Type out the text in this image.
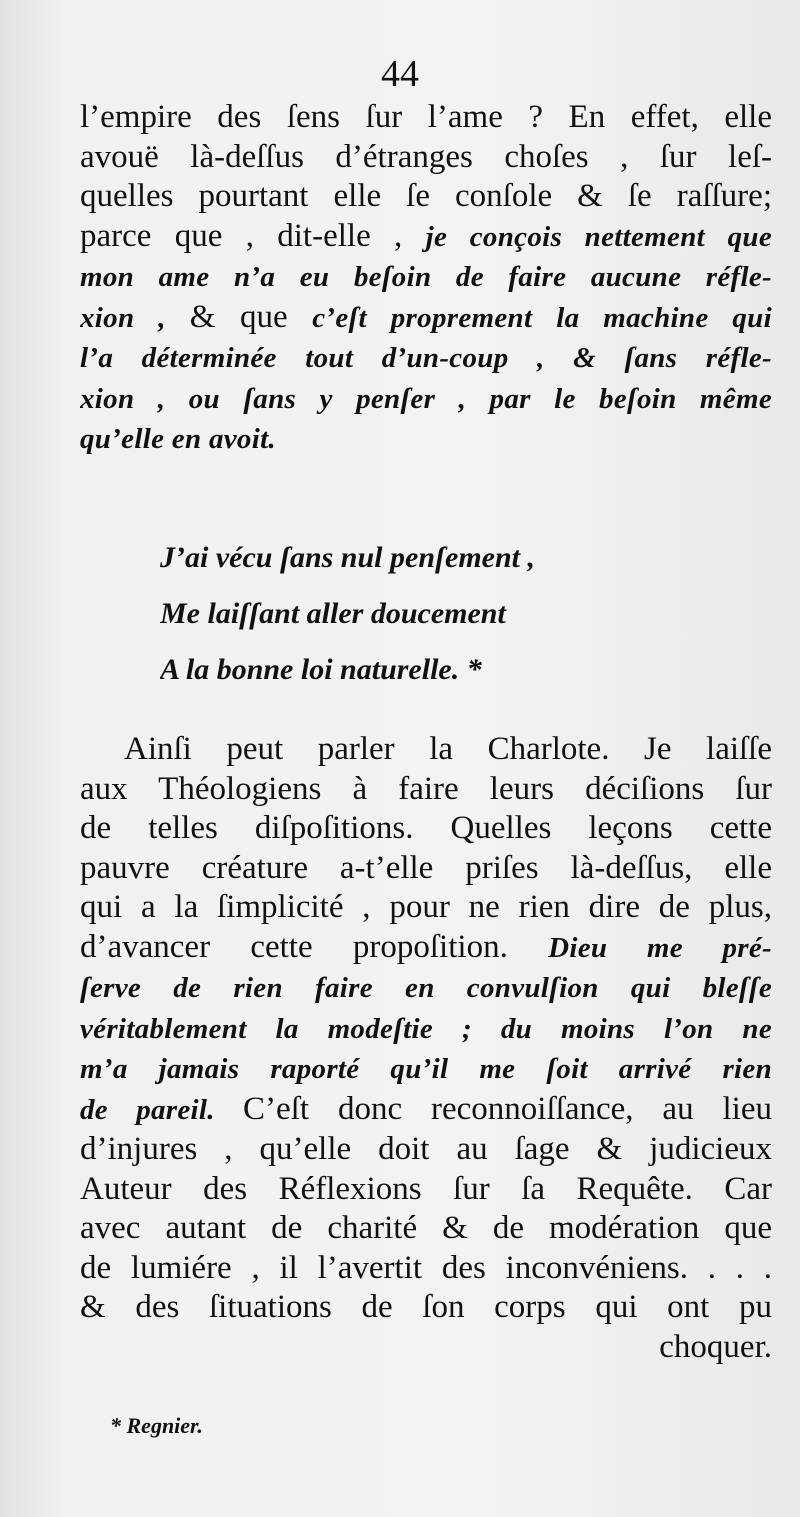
44
l’empire des ſens ſur l’ame ? En effet, elle
avouë là-deſſus d’étranges choſes , ſur leſ-
quelles pourtant elle ſe conſole & ſe raſſure;
parce que , dit-elle , je conçois nettement que
mon ame n’a eu beſoin de faire aucune réfle-
xion , & que c’eſt proprement la machine qui
l’a déterminée tout d’un-coup , & ſans réfle-
xion , ou ſans y penſer , par le beſoin même
qu’elle en avoit.
J’ai vécu ſans nul penſement ,
Me laiſſant aller doucement
A la bonne loi naturelle. *
Ainſi peut parler la Charlote. Je laiſſe
aux Théologiens à faire leurs déciſions ſur
de telles diſpoſitions. Quelles leçons cette
pauvre créature a-t’elle priſes là-deſſus, elle
qui a la ſimplicité , pour ne rien dire de plus,
d’avancer cette propoſition. Dieu me pré-
ſerve de rien faire en convulſion qui bleſſe
véritablement la modeſtie ; du moins l’on ne
m’a jamais raporté qu’il me ſoit arrivé rien
de pareil. C’eſt donc reconnoiſſance, au lieu
d’injures , qu’elle doit au ſage & judicieux
Auteur des Réflexions ſur ſa Requête. Car
avec autant de charité & de modération que
de lumiére , il l’avertit des inconvéniens. . . .
& des ſituations de ſon corps qui ont pu
choquer.
* Regnier.
